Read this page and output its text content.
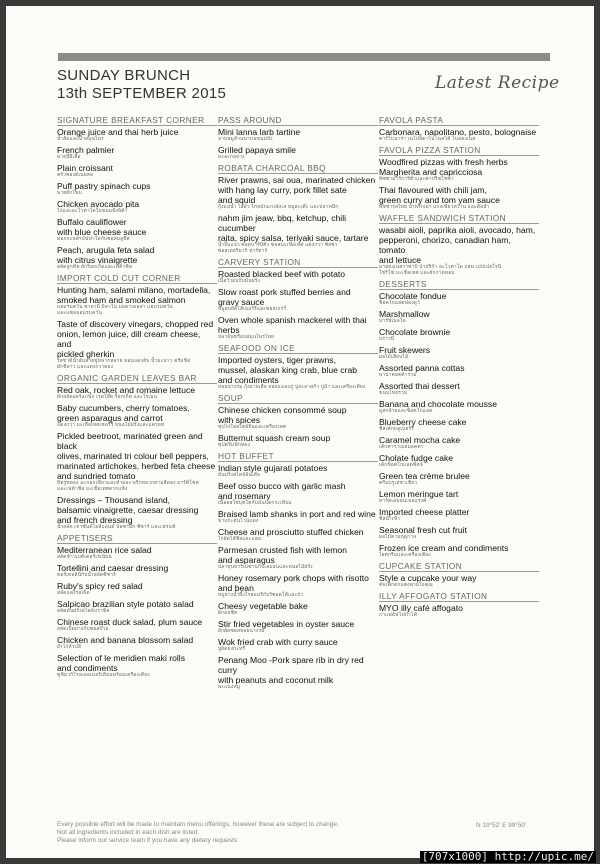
SUNDAY BRUNCH
13th SEPTEMBER 2015
Latest Recipe
SIGNATURE BREAKFAST CORNER
Orange juice and thai herb juice
น้ำส้มและน้ำสมุนไพร
French palmier
พายปีผีเสื้อ
Plain croissant
ครัวซองต์เนยสด
Puff pastry spinach cups
พายผักโขม
Chicken avocado pita
ไก่และอะโวคาโดในขนมปังพิต้า
Buffalo cauliflower
with blue cheese sauce
ดอกกะหล่ำบัฟฟาโลกับซอสบลูชีส
Peach, arugula feta salad
with citrus vinaigrette
สลัดลูกพีช ผักร็อกเก็ตและเฟต้าชีส
IMPORT COLD CUT CORNER
Hunting ham, salami milano, mortadella,
smoked ham and smoked salmon
แฮมรมควัน ซาลามี่ มิลาโน่ มอตาเดลล่า แฮมรมควัน
และแซลมอนรมควัน
Taste of discovery vinegars, chopped red
onion, lemon juice, dill cream cheese, and
pickled gherkin
รสชาติน้ำส้มสายชูหลากหลาย หอมแดงสับ น้ำมะนาว ครีมชีส
ผักชีลาว และแตงกวาดอง
ORGANIC GARDEN LEAVES BAR
Red oak, rocket and romaine lettuce
ผักสลัดออร์แกนิก เรดโอ๊ค ร็อกเก็ต และโรเมน
Baby cucumbers, cherry tomatoes,
green asparagus and carrot
แตงกวา มะเขือเทศเชอร์รี่ หน่อไม้ฝรั่งและแครอท
Pickled beetroot, marinated green and black
olives, marinated tri colour bell peppers,
marinated artichokes, herbed feta cheese
and sundried tomato
บีทรูทดอง มะกอกเขียวและดำดอง พริกหยวกสามสีดอง อาร์ติโชค
และเฟต้าชีส มะเขือเทศตากแห้ง
Dressings – Thousand island,
balsamic vinaigrette, caesar dressing
and french dressing
น้ำสลัด เทาซันด์ไอส์แลนด์ บัลซามิก ซีซาร์ และเฟรนช์
APPETISERS
Mediterranean rice salad
สลัดข้าวเมดิเตอร์เรเนียน
Tortellini and caesar dressing
ทอร์เทลลินีกับน้ำสลัดซีซาร์
Ruby's spicy red salad
สลัดแดงรสเผ็ด
Salpicao brazilian style potato salad
สลัดมันฝรั่งสไตล์บราซิล
Chinese roast duck salad, plum sauce
สลัดเป็ดย่างกับซอสบ๊วย
Chicken and banana blossom salad
ยำไก่หัวปลี
Selection of le meridien maki rolls
and condiments
ซูชิมากิโรลเลอเมอริเดียนพร้อมเครื่องเคียง
PASS AROUND
Mini lanna larb tartine
ลาบหมูล้านนาบนขนมปัง
Grilled papaya smile
มะละกอย่าง
ROBATA CHARCOAL BBQ
River prawns, sai oua, marinated chicken
with hang lay curry, pork fillet sate
and squid
กุ้งแม่น้ำ ไส้อั่ว ไก่หมักแกงฮังเล หมูสะเต๊ะ และปลาหมึก
nahm jim jeaw, bbq, ketchup, chili cucumber
raita, spicy salsa, teriyaki sauce, tartare
น้ำจิ้มแจ่ว ซอสบาร์บีคิว ซอสมะเขือเทศ แตงกวา ซัลซ่า
ซอสเทอริยากิ ทาร์ทาร์
CARVERY STATION
Roasted blacked beef with potato
เนื้อวัวอบกับมันฝรั่ง
Slow roast pork stuffed berries and
gravy sauce
หมูอบยัดไส้เบอร์รี่และซอสเกรวี่
Oven whole spanish mackerel with thai herbs
ปลาอินทรีอบสมุนไพรไทย
SEAFOOD ON ICE
Imported oysters, tiger prawns,
mussel, alaskan king crab, blue crab
and condiments
หอยนางรม กุ้งลายเสือ หอยแมลงภู่ ปูอะลาสก้า ปูม้า และเครื่องเคียง
SOUP
Chinese chicken consommé soup
with spices
ซุปไก่ใสสไตล์จีนและเครื่องเทศ
Butternut squash cream soup
ซุปครีมฟักทอง
HOT BUFFET
Indian style gujarati potatoes
มันฝรั่งสไตล์อินเดีย
Beef osso bucco with garlic mash
and rosemary
เนื้ออสโซบุคโคกับมันบดกระเทียม
Braised lamb shanks in port and red wine
ขาแกะตุ๋นไวน์แดง
Cheese and prosciutto stuffed chicken
ไก่ยัดไส้ชีสและแฮม
Parmesan crusted fish with lemon
and asparagus
ปลาชุบพาร์เมซานกับเลมอนและหน่อไม้ฝรั่ง
Honey rosemary pork chops with risotto
and bean
หมูย่างน้ำผึ้งโรสแมรี่กับริซอตโต้และถั่ว
Cheesy vegetable bake
ผักอบชีส
Stir fried vegetables in oyster sauce
ผักผัดซอสหอยนางรม
Wok fried crab with curry sauce
ปูผัดผงกะหรี่
Penang Moo -Pork spare rib in dry red curry
with peanuts and coconut milk
พะแนงหมู
FAVOLA PASTA
Carbonara, napolitano, pesto, bolognaise
คาร์โบนาร่า เนโปลิตาโน่ เพสโต้ โบลองเนส
FAVOLA PIZZA STATION
Woodfired pizzas with fresh herbs
Margherita and capricciosa
พิซซ่ามาร์การิต้าและคาปริชโชซ่า
Thai flavoured with chili jam,
green curry and tom yam sauce
พิซซ่ารสไทย น้ำพริกเผา แกงเขียวหวาน และต้มยำ
WAFFLE SANDWICH STATION
wasabi aioli, paprika aioli, avocado, ham,
pepperoni, chorizo, canadian ham, tomato
and lettuce
มายองเนสวาซาบิ ปาปริก้า อะโวคาโด แฮม เปปเปอโรนี
โชริโซ่ มะเขือเทศ และผักกาดหอม
DESSERTS
Chocolate fondue
ช็อคโกแลตฟองดูว์
Marshmallow
มาร์ชเมลโล่
Chocolate brownie
บราวนี่
Fruit skewers
ผลไม้เสียบไม้
Assorted panna cottas
พานาคอตต้ารวม
Assorted thai dessert
ขนมไทยรวม
Banana and chocolate mousse
มูสกล้วยและช็อคโกแลต
Blueberry cheese cake
ชีสเค้กบลูเบอร์รี่
Caramel mocha cake
เค้กคาราเมลมอคค่า
Cholate fudge cake
เค้กช็อคโกแลตฟัดจ์
Green tea crème brulee
ครีมบรูเล่ชาเขียว
Lemon meringue tart
ทาร์ตเลมอนเมอแรงค์
Imported cheese platter
ชีสนำเข้า
Seasonal fresh cut fruit
ผลไม้ตามฤดูกาล
Frozen ice cream and condiments
ไอศกรีมและเครื่องเคียง
CUPCAKE STATION
Style a cupcake your way
คัพเค้กตกแต่งตามใจคุณ
ILLY AFFOGATO STATION
MYO illy café affogato
กาแฟอัฟโฟกาโต้
Every possible effort will be made to maintain menu offerings, however these are subject to change.
Not all ingredients included in each dish are listed.
Please inform our service team if you have any dietary requests
N 19°52' E 99°50'
[707x1000] http://upic.me/
